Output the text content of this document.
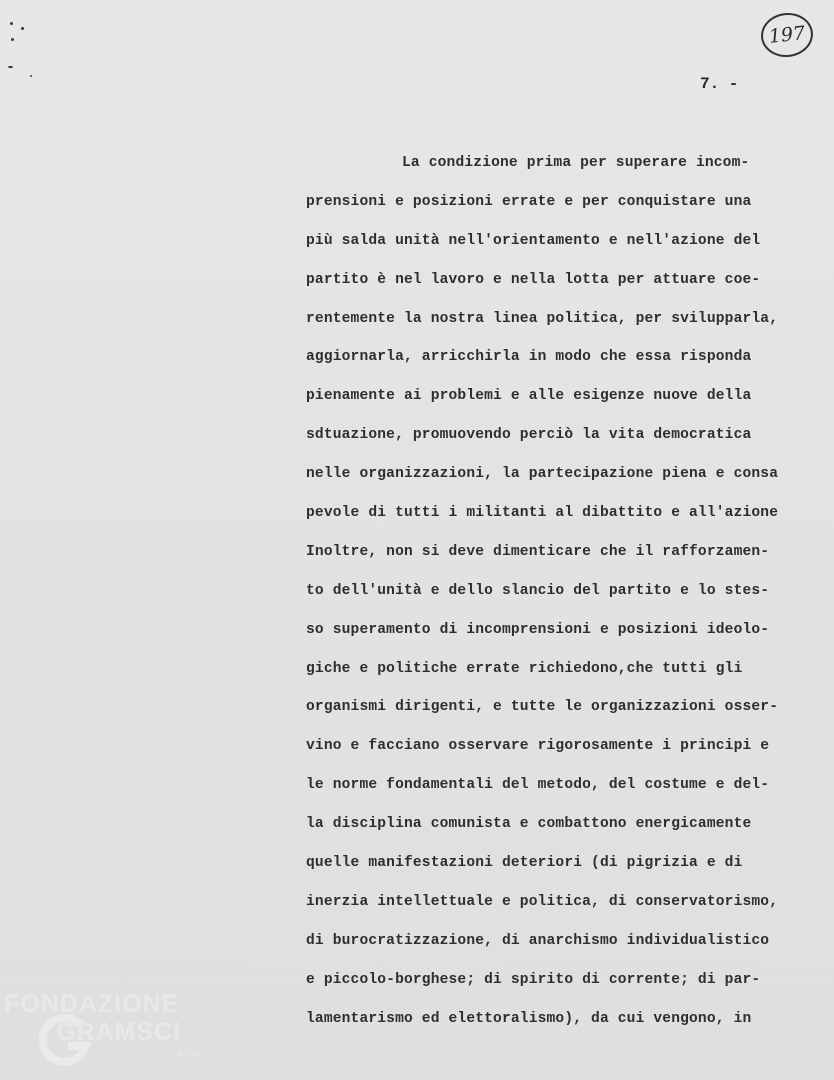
197
7. -
La condizione prima per superare incom-
prensioni e posizioni errate e per conquistare una
più salda unità nell'orientamento e nell'azione del
partito è nel lavoro e nella lotta per attuare coe-
rentemente la nostra linea politica, per svilupparla,
aggiornarla, arricchirla in modo che essa risponda
pienamente ai problemi e alle esigenze nuove della
sdtuazione, promuovendo perciò la vita democratica
nelle organizzazioni, la partecipazione piena e consa
pevole di tutti i militanti al dibattito e all'azione
Inoltre, non si deve dimenticare che il rafforzamen-
to dell'unità e dello slancio del partito e lo stes-
so superamento di incomprensioni e posizioni ideolo-
giche e politiche errate richiedono,che tutti gli
organismi dirigenti, e tutte le organizzazioni osser-
vino e facciano osservare rigorosamente i principi e
le norme fondamentali del metodo, del costume e del-
la disciplina comunista e combattono energicamente
quelle manifestazioni deteriori (di pigrizia e di
inerzia intellettuale e politica, di conservatorismo,
di burocratizzazione, di anarchismo individualistico
e piccolo-borghese; di spirito di corrente; di par-
lamentarismo ed elettoralismo), da cui vengono, in
FONDAZIONE
GRAMSCI
onlus
